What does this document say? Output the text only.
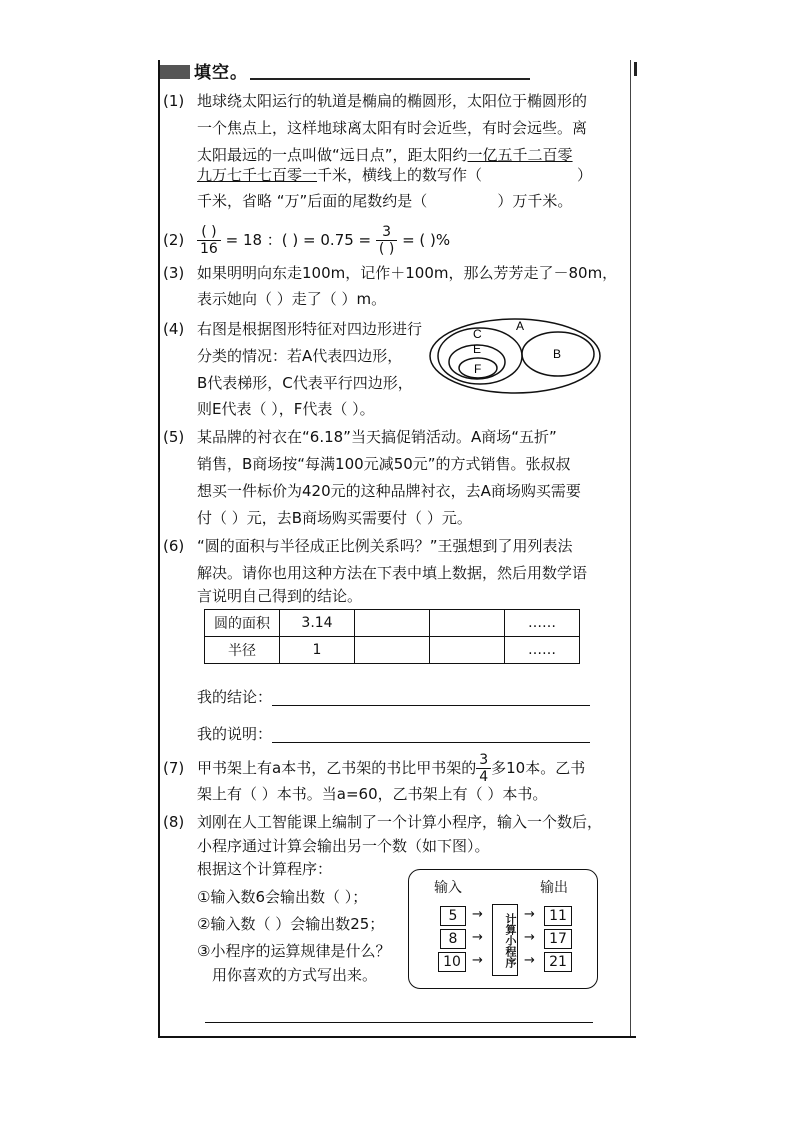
填空。
(1) 地球绕太阳运行的轨道是椭扁的椭圆形，太阳位于椭圆形的
一个焦点上，这样地球离太阳有时会近些，有时会远些。离
太阳最远的一点叫做“远日点”，距太阳约一亿五千二百零
九万七千七百零一千米，横线上的数写作（	）
千米，省略 “万”后面的尾数约是（	）万千米。
$(2) \frac{( )}{16} = 18$ ：( ) = $0.75 = \frac{3}{( )}$ = ( )%
(3) 如果明明向东走100m，记作＋100m，那么芳芳走了－80m，
表示她向（ ）走了（ ）m。
(4) 右图是根据图形特征对四边形进行
分类的情况：若A代表四边形，
B代表梯形，C代表平行四边形，
则E代表（ ），F代表（ ）。
A
B
C
E
F
(5) 某品牌的衬衣在“6.18”当天搞促销活动。A商场“五折”
销售，B商场按“每满100元减50元”的方式销售。张叔叔
想买一件标价为420元的这种品牌衬衣，去A商场购买需要
付（ ）元，去B商场购买需要付（ ）元。
(6) “圆的面积与半径成正比例关系吗？”王强想到了用列表法
解决。请你也用这种方法在下表中填上数据，然后用数学语
言说明自己得到的结论。
圆的面积	3.14			……
半径	1			……
我的结论：
我的说明：
(7) 甲书架上有a本书，乙书架的书比甲书架的 $\frac{3}{4}$ 多10本。乙书
架上有（ ）本书。当a=60，乙书架上有（ ）本书。
(8) 刘刚在人工智能课上编制了一个计算小程序，输入一个数后，
小程序通过计算会输出另一个数（如下图）。
根据这个计算程序：
①输入数6会输出数（ ）；
②输入数（ ）会输出数25；
③小程序的运算规律是什么？
用你喜欢的方式写出来。
输入	输出
5
8
10
→
→
→	计算小程序 →
→
→
11
17
21
